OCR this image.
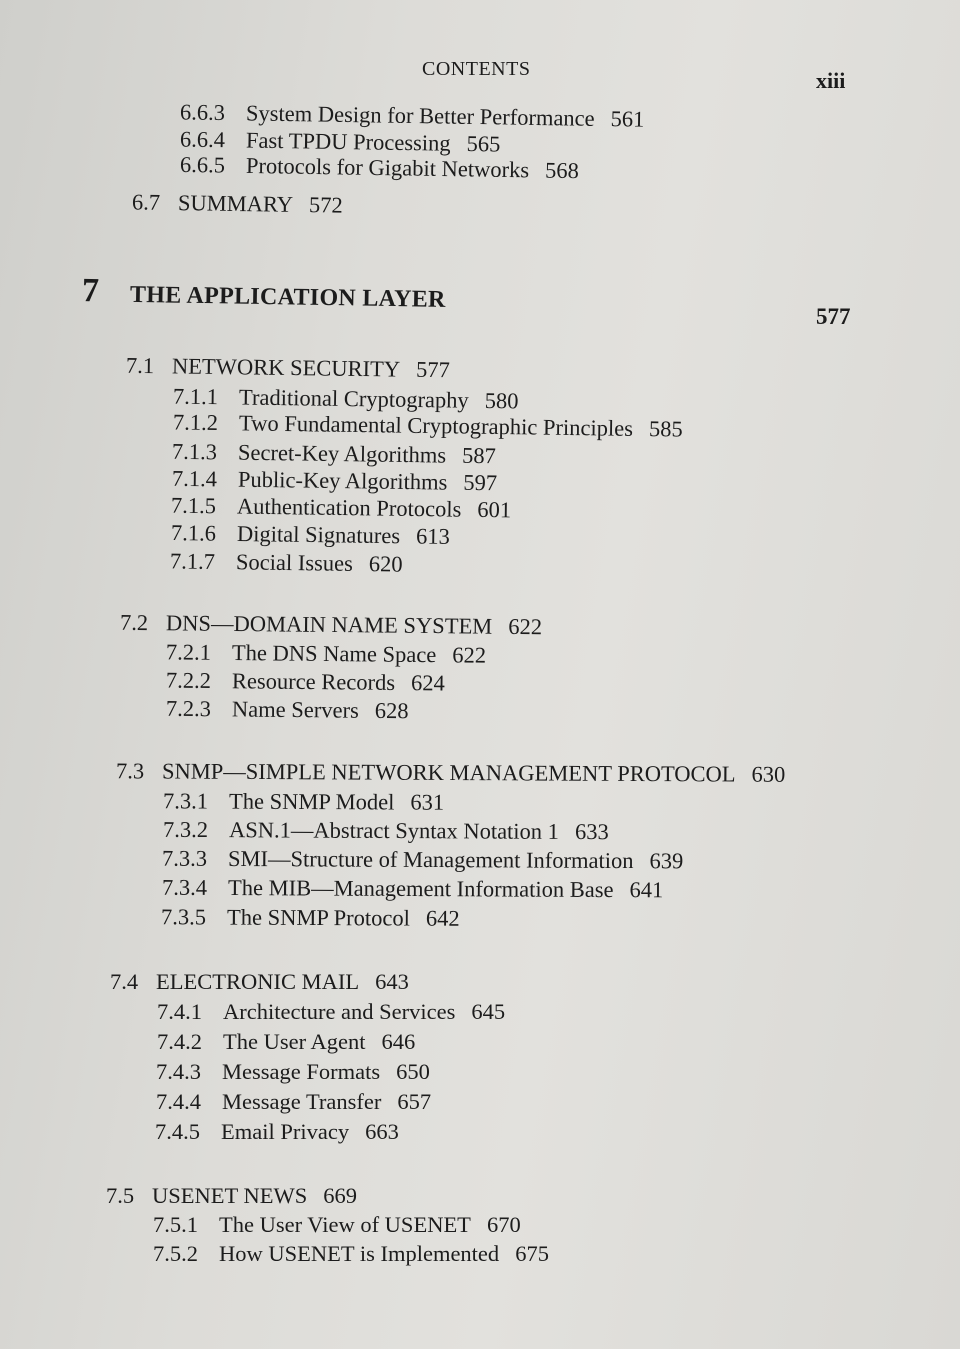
CONTENTS	xiii
6.6.3 System Design for Better Performance 561
6.6.4 Fast TPDU Processing 565
6.6.5 Protocols for Gigabit Networks 568
6.7 SUMMARY 572
7 THE APPLICATION LAYER
577
7.1 NETWORK SECURITY 577
7.1.1 Traditional Cryptography 580
7.1.2 Two Fundamental Cryptographic Principles 585
7.1.3 Secret-Key Algorithms 587
7.1.4 Public-Key Algorithms 597
7.1.5 Authentication Protocols 601
7.1.6 Digital Signatures 613
7.1.7 Social Issues 620
7.2 DNS—DOMAIN NAME SYSTEM 622
7.2.1 The DNS Name Space 622
7.2.2 Resource Records 624
7.2.3 Name Servers 628
7.3 SNMP—SIMPLE NETWORK MANAGEMENT PROTOCOL 630
7.3.1 The SNMP Model 631
7.3.2 ASN.1—Abstract Syntax Notation 1 633
7.3.3 SMI—Structure of Management Information 639
7.3.4 The MIB—Management Information Base 641
7.3.5 The SNMP Protocol 642
7.4 ELECTRONIC MAIL 643
7.4.1 Architecture and Services 645
7.4.2 The User Agent 646
7.4.3 Message Formats 650
7.4.4 Message Transfer 657
7.4.5 Email Privacy 663
7.5 USENET NEWS 669
7.5.1 The User View of USENET 670
7.5.2 How USENET is Implemented 675
